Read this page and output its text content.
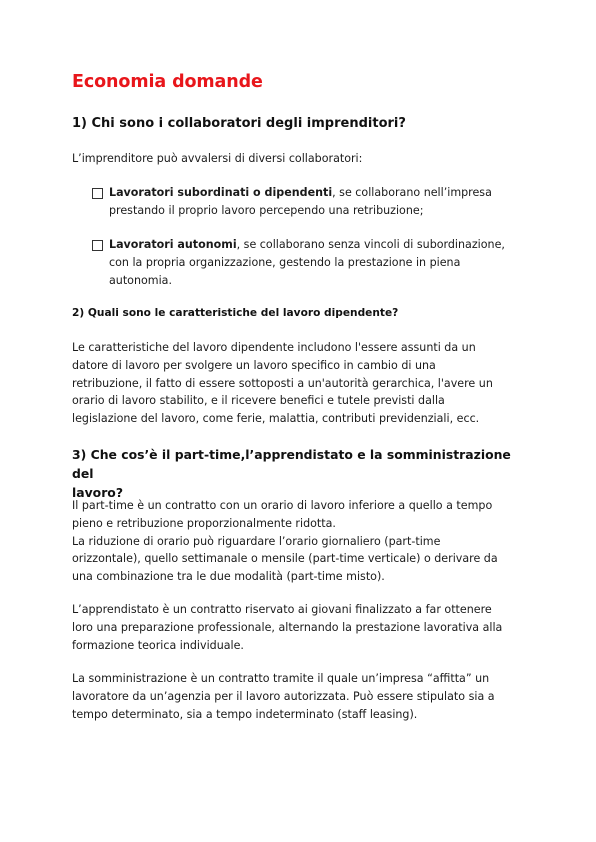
Economia domande
1) Chi sono i collaboratori degli imprenditori?

L’imprenditore può avvalersi di diversi collaboratori:

Lavoratori subordinati o dipendenti, se collaborano nell’impresa
prestando il proprio lavoro percependo una retribuzione;
Lavoratori autonomi, se collaborano senza vincoli di subordinazione,
con la propria organizzazione, gestendo la prestazione in piena
autonomia.
2) Quali sono le caratteristiche del lavoro dipendente?

Le caratteristiche del lavoro dipendente includono l'essere assunti da un
datore di lavoro per svolgere un lavoro specifico in cambio di una
retribuzione, il fatto di essere sottoposti a un'autorità gerarchica, l'avere un
orario di lavoro stabilito, e il ricevere benefici e tutele previsti dalla
legislazione del lavoro, come ferie, malattia, contributi previdenziali, ecc.

3) Che cos’è il part-time,l’apprendistato e la somministrazione del
lavoro?

Il part-time è un contratto con un orario di lavoro inferiore a quello a tempo
pieno e retribuzione proporzionalmente ridotta.
La riduzione di orario può riguardare l’orario giornaliero (part-time
orizzontale), quello settimanale o mensile (part-time verticale) o derivare da
una combinazione tra le due modalità (part-time misto).

L’apprendistato è un contratto riservato ai giovani finalizzato a far ottenere
loro una preparazione professionale, alternando la prestazione lavorativa alla
formazione teorica individuale.

La somministrazione è un contratto tramite il quale un’impresa “affitta” un
lavoratore da un’agenzia per il lavoro autorizzata. Può essere stipulato sia a
tempo determinato, sia a tempo indeterminato (staff leasing).
